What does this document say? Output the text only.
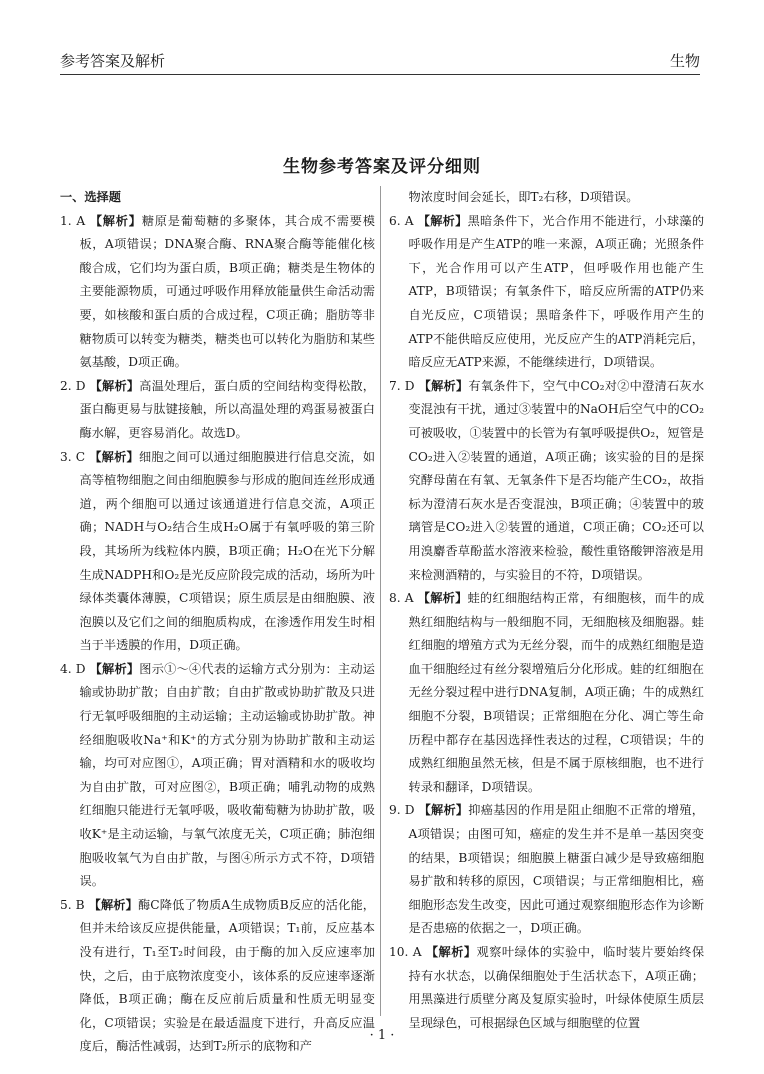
参考答案及解析	生物
生物参考答案及评分细则

一、选择题

1. A 【解析】糖原是葡萄糖的多聚体，其合成不需要模板，A项错误；DNA聚合酶、RNA聚合酶等能催化核酸合成，它们均为蛋白质，B项正确；糖类是生物体的主要能源物质，可通过呼吸作用释放能量供生命活动需要，如核酸和蛋白质的合成过程，C项正确；脂肪等非糖物质可以转变为糖类，糖类也可以转化为脂肪和某些氨基酸，D项正确。

2. D 【解析】高温处理后，蛋白质的空间结构变得松散，蛋白酶更易与肽键接触，所以高温处理的鸡蛋易被蛋白酶水解，更容易消化。故选D。

3. C 【解析】细胞之间可以通过细胞膜进行信息交流，如高等植物细胞之间由细胞膜参与形成的胞间连丝形成通道，两个细胞可以通过该通道进行信息交流，A项正确；NADH与O₂结合生成H₂O属于有氧呼吸的第三阶段，其场所为线粒体内膜，B项正确；H₂O在光下分解生成NADPH和O₂是光反应阶段完成的活动，场所为叶绿体类囊体薄膜，C项错误；原生质层是由细胞膜、液泡膜以及它们之间的细胞质构成，在渗透作用发生时相当于半透膜的作用，D项正确。

4. D 【解析】图示①～④代表的运输方式分别为：主动运输或协助扩散；自由扩散；自由扩散或协助扩散及只进行无氧呼吸细胞的主动运输；主动运输或协助扩散。神经细胞吸收Na⁺和K⁺的方式分别为协助扩散和主动运输，均可对应图①，A项正确；胃对酒精和水的吸收均为自由扩散，可对应图②，B项正确；哺乳动物的成熟红细胞只能进行无氧呼吸，吸收葡萄糖为协助扩散，吸收K⁺是主动运输，与氧气浓度无关，C项正确；肺泡细胞吸收氧气为自由扩散，与图④所示方式不符，D项错误。

5. B 【解析】酶C降低了物质A生成物质B反应的活化能，但并未给该反应提供能量，A项错误；T₁前，反应基本没有进行，T₁至T₂时间段，由于酶的加入反应速率加快，之后，由于底物浓度变小，该体系的反应速率逐渐降低，B项正确；酶在反应前后质量和性质无明显变化，C项错误；实验是在最适温度下进行，升高反应温度后，酶活性减弱，达到T₂所示的底物和产

物浓度时间会延长，即T₂右移，D项错误。

6. A 【解析】黑暗条件下，光合作用不能进行，小球藻的呼吸作用是产生ATP的唯一来源，A项正确；光照条件下，光合作用可以产生ATP，但呼吸作用也能产生ATP，B项错误；有氧条件下，暗反应所需的ATP仍来自光反应，C项错误；黑暗条件下，呼吸作用产生的ATP不能供暗反应使用，光反应产生的ATP消耗完后，暗反应无ATP来源，不能继续进行，D项错误。

7. D 【解析】有氧条件下，空气中CO₂对②中澄清石灰水变混浊有干扰，通过③装置中的NaOH后空气中的CO₂可被吸收，①装置中的长管为有氧呼吸提供O₂，短管是CO₂进入②装置的通道，A项正确；该实验的目的是探究酵母菌在有氧、无氧条件下是否均能产生CO₂，故指标为澄清石灰水是否变混浊，B项正确；④装置中的玻璃管是CO₂进入②装置的通道，C项正确；CO₂还可以用溴麝香草酚蓝水溶液来检验，酸性重铬酸钾溶液是用来检测酒精的，与实验目的不符，D项错误。

8. A 【解析】蛙的红细胞结构正常，有细胞核，而牛的成熟红细胞结构与一般细胞不同，无细胞核及细胞器。蛙红细胞的增殖方式为无丝分裂，而牛的成熟红细胞是造血干细胞经过有丝分裂增殖后分化形成。蛙的红细胞在无丝分裂过程中进行DNA复制，A项正确；牛的成熟红细胞不分裂，B项错误；正常细胞在分化、凋亡等生命历程中都存在基因选择性表达的过程，C项错误；牛的成熟红细胞虽然无核，但是不属于原核细胞，也不进行转录和翻译，D项错误。

9. D 【解析】抑癌基因的作用是阻止细胞不正常的增殖，A项错误；由图可知，癌症的发生并不是单一基因突变的结果，B项错误；细胞膜上糖蛋白减少是导致癌细胞易扩散和转移的原因，C项错误；与正常细胞相比，癌细胞形态发生改变，因此可通过观察细胞形态作为诊断是否患癌的依据之一，D项正确。

10. A 【解析】观察叶绿体的实验中，临时装片要始终保持有水状态，以确保细胞处于生活状态下，A项正确；用黑藻进行质壁分离及复原实验时，叶绿体使原生质层呈现绿色，可根据绿色区域与细胞壁的位置

· 1 ·
